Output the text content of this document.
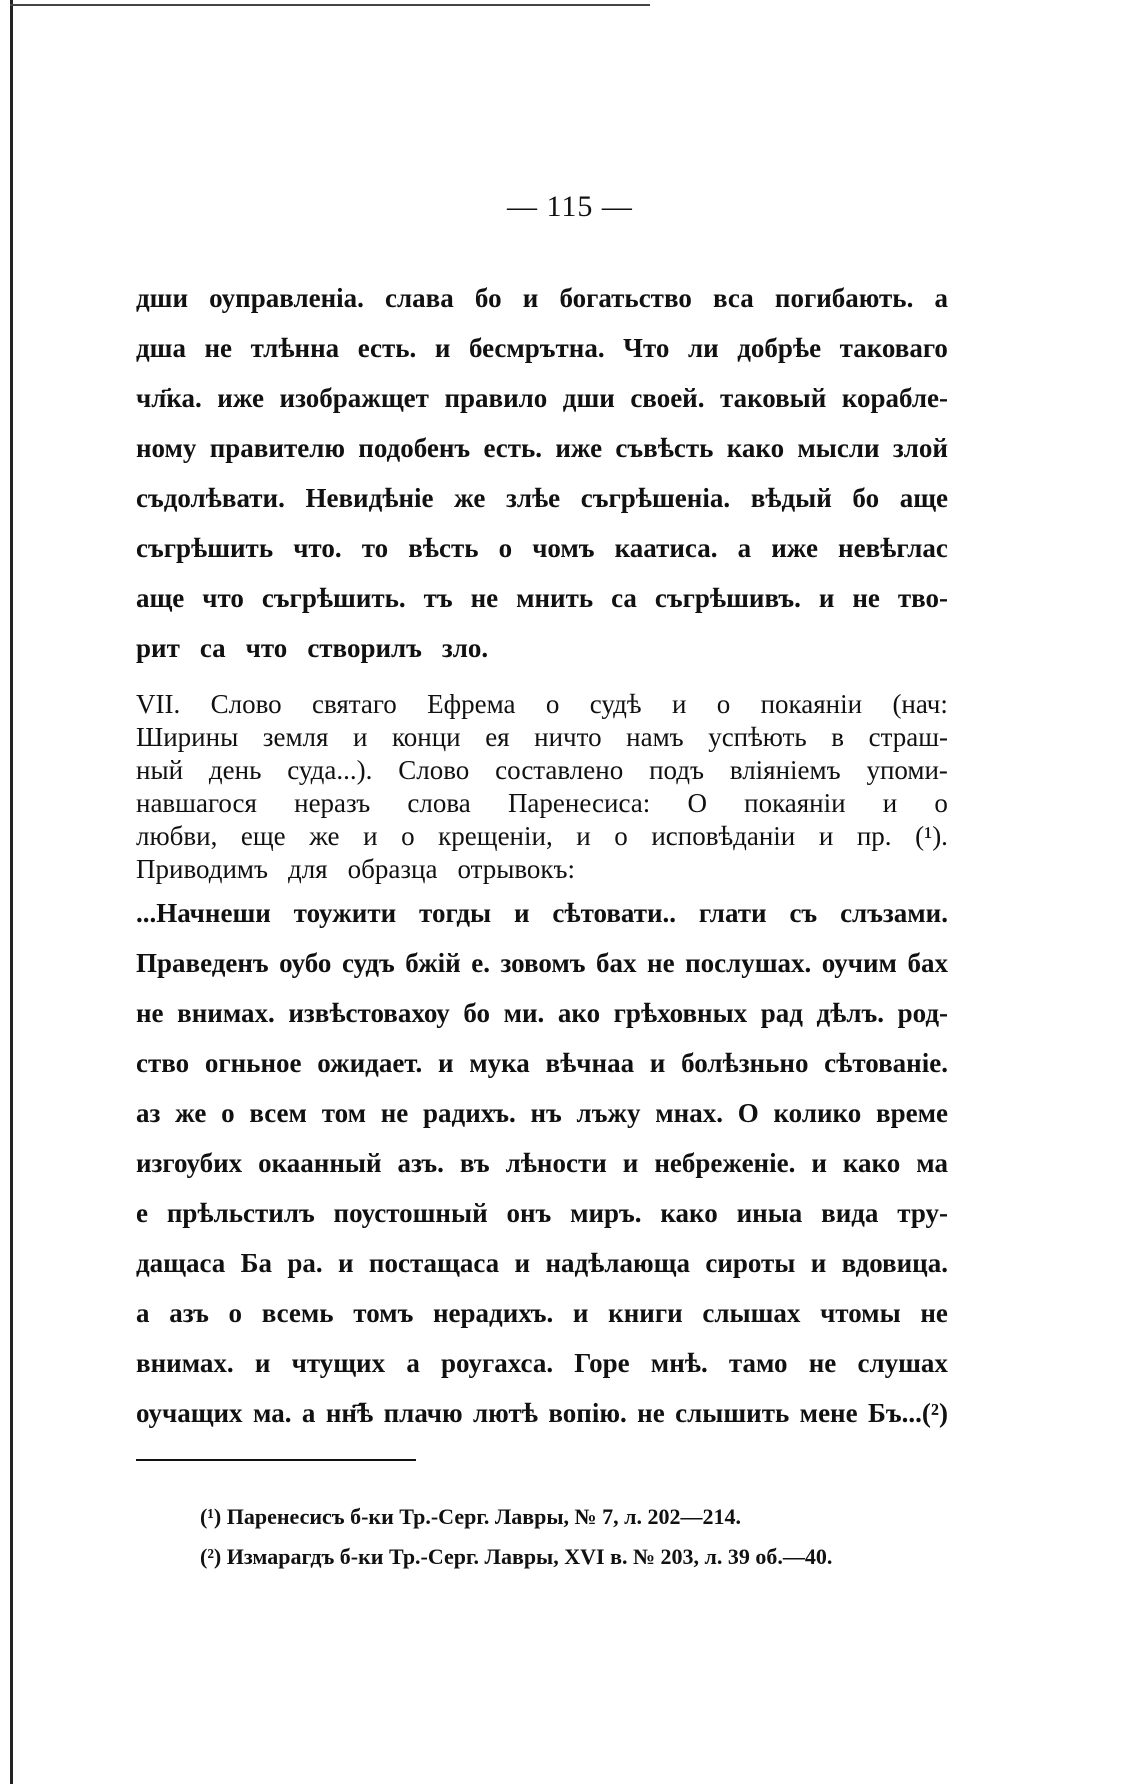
— 115 —
дши оуправленіа. слава бо и богатьство вса погибають. а
дша не тлѣнна есть. и бесмрътна. Что ли добрѣе таковаго
чл҃ка. иже изображщет правило дши своей. таковый корабле-
ному правителю подобенъ есть. иже съвѣсть како мысли злой
съдолѣвати. Невидѣніе же злѣе съгрѣшеніа. вѣдый бо аще
съгрѣшить что. то вѣсть о чомъ каатиса. а иже невѣглас
аще что съгрѣшить. тъ не мнить са съгрѣшивъ. и не тво-
рит са что створилъ зло.
VII. Слово святаго Ефрема о судѣ и о покаяніи (нач:
Ширины земля и конци ея ничто намъ успѣють в страш-
ный день суда...). Слово составлено подъ вліяніемъ упоми-
навшагося неразъ слова Паренесиса: О покаяніи и о
любви, еще же и о крещеніи, и о исповѣданіи и пр. (¹).
Приводимъ для образца отрывокъ:
...Начнеши тоужити тогды и сѣтовати.. глати съ слъзами.
Праведенъ оубо судъ бжій е. зовомъ бах не послушах. оучим бах
не внимах. извѣстовахоу бо ми. ако грѣховных рад дѣлъ. род-
ство огньное ожидает. и мука вѣчнаа и болѣзньно сѣтованіе.
аз же о всем том не радихъ. нъ лъжу мнах. О колико време
изгоубих окаанный азъ. въ лѣности и небреженіе. и како ма
е прѣльстилъ поустошный онъ миръ. како иныа вида тру-
дащаса Ба ра. и постащаса и надѣлающа сироты и вдовица.
а азъ о всемь томъ нерадихъ. и книги слышах чтомы не
внимах. и чтущих а роугахса. Горе мнѣ. тамо не слушах
оучащих ма. а нн҃ѣ плачю лютѣ вопію. не слышить мене Бъ...(²)
(¹) Паренесисъ б-ки Тр.-Серг. Лавры, № 7, л. 202—214.
(²) Измарагдъ б-ки Тр.-Серг. Лавры, XVI в. № 203, л. 39 об.—40.
